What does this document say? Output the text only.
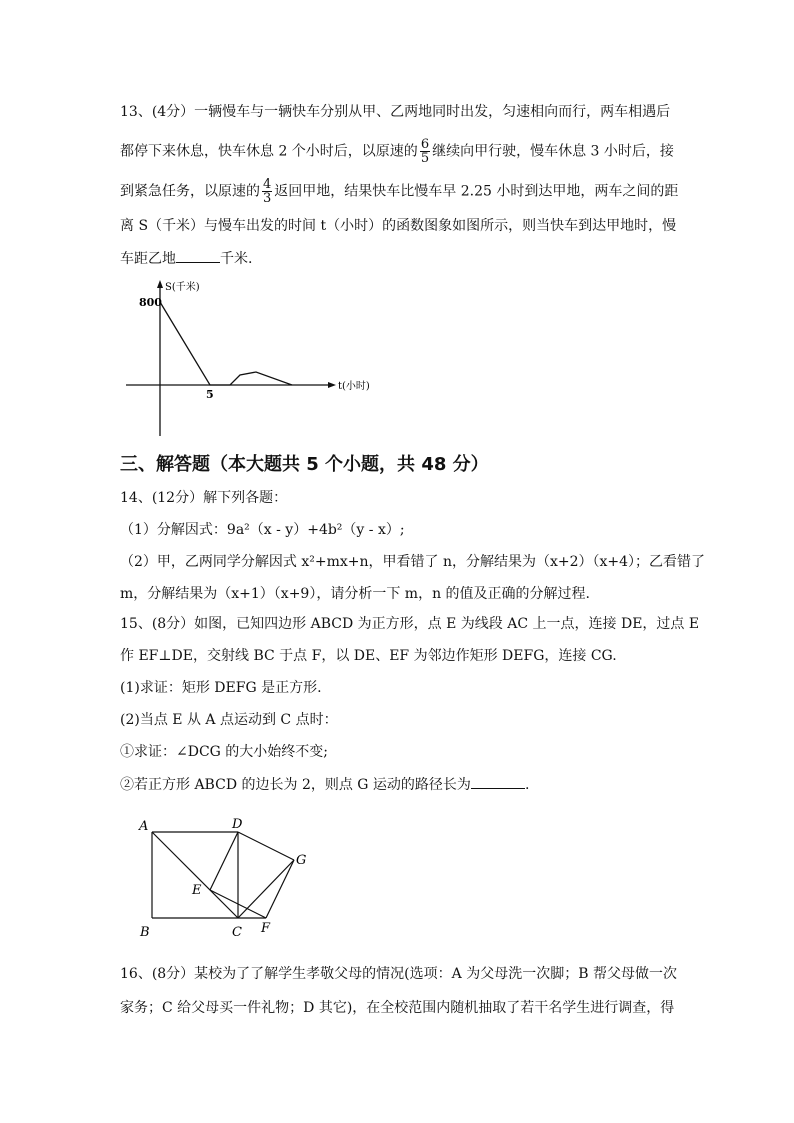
13、(4分）一辆慢车与一辆快车分别从甲、乙两地同时出发，匀速相向而行，两车相遇后
都停下来休息，快车休息 2 个小时后，以原速的 $\frac{6}{5}$ 继续向甲行驶，慢车休息 3 小时后，接
到紧急任务，以原速的 $\frac{4}{3}$ 返回甲地，结果快车比慢车早 2.25 小时到达甲地，两车之间的距
离 S（千米）与慢车出发的时间 t（小时）的函数图象如图所示，则当快车到达甲地时，慢
车距乙地	千米.
S(千米)
t(小时)
800
5
三、解答题（本大题共 5 个小题，共 48 分）
14、(12分）解下列各题：
（1）分解因式：9a²（x - y）+4b²（y - x）;
（2）甲，乙两同学分解因式 x²+mx+n，甲看错了 n，分解结果为（x+2）（x+4）；乙看错了
m，分解结果为（x+1）（x+9），请分析一下 m，n 的值及正确的分解过程.
15、(8分）如图，已知四边形 ABCD 为正方形，点 E 为线段 AC 上一点，连接 DE，过点 E
作 EF⊥DE，交射线 BC 于点 F，以 DE、EF 为邻边作矩形 DEFG，连接 CG.
(1)求证：矩形 DEFG 是正方形.
(2)当点 E 从 A 点运动到 C 点时：
①求证：∠DCG 的大小始终不变;
②若正方形 ABCD 的边长为 2，则点 G 运动的路径长为	.
A	D
G
E
B	C F
16、(8分）某校为了了解学生孝敬父母的情况(选项：A 为父母洗一次脚；B 帮父母做一次
家务；C 给父母买一件礼物；D 其它)，在全校范围内随机抽取了若干名学生进行调查，得
